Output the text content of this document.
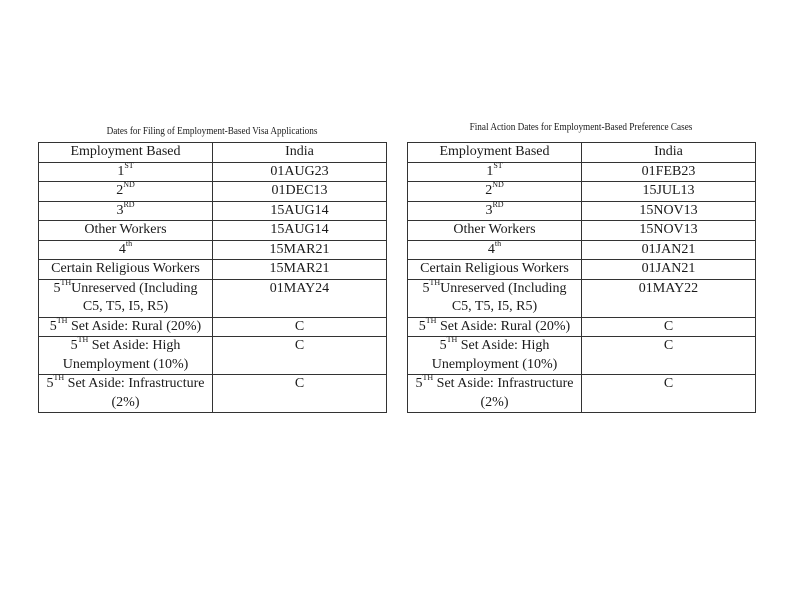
Dates for Filing of Employment-Based Visa Applications
Employment Based	India
1ST	01AUG23
2ND	01DEC13
3RD	15AUG14
Other Workers	15AUG14
4th	15MAR21
Certain Religious Workers	15MAR21
5THUnreserved (Including C5, T5, I5, R5)	01MAY24
5TH Set Aside: Rural (20%)	C
5TH Set Aside: High Unemployment (10%)	C
5TH Set Aside: Infrastructure (2%)	C
Final Action Dates for Employment-Based Preference Cases
Employment Based	India
1ST	01FEB23
2ND	15JUL13
3RD	15NOV13
Other Workers	15NOV13
4th	01JAN21
Certain Religious Workers	01JAN21
5THUnreserved (Including C5, T5, I5, R5)	01MAY22
5TH Set Aside: Rural (20%)	C
5TH Set Aside: High Unemployment (10%)	C
5TH Set Aside: Infrastructure (2%)	C
